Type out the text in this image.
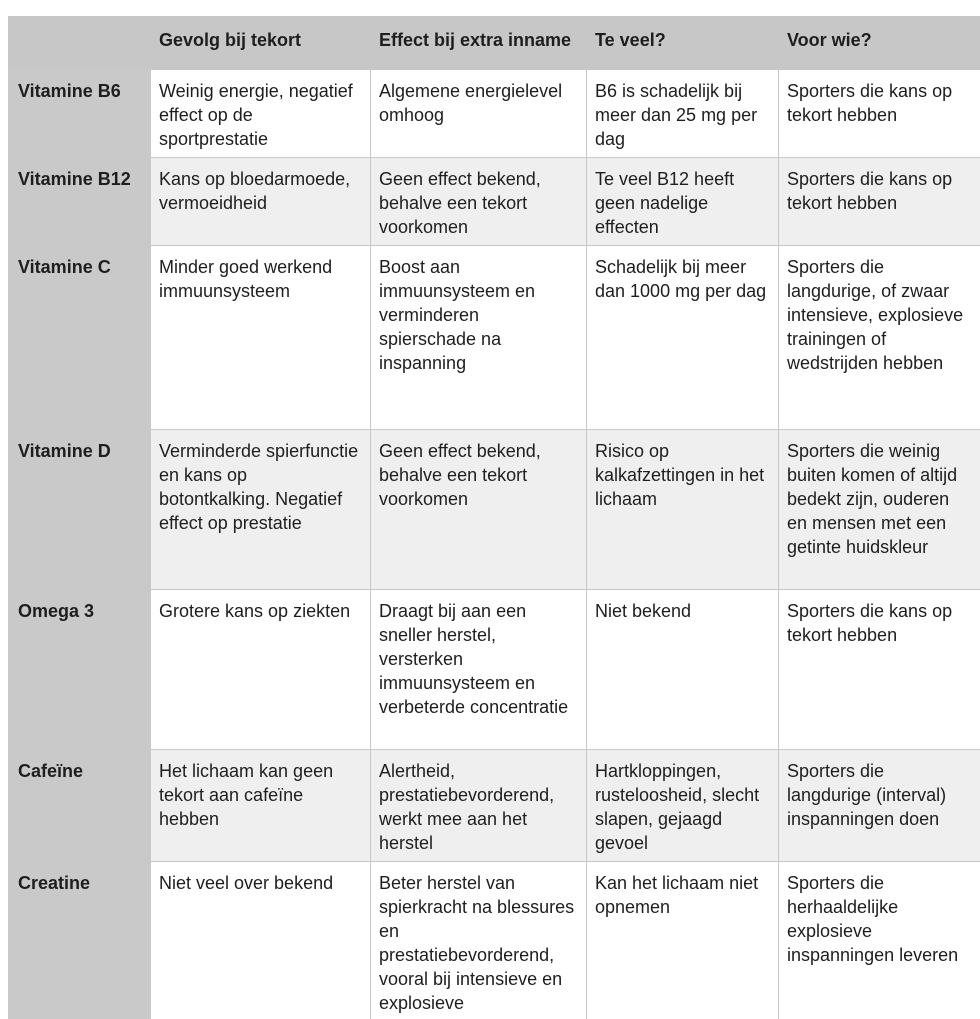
	Gevolg bij tekort	Effect bij extra inname	Te veel?	Voor wie?
Vitamine B6	Weinig energie, negatief effect op de sportprestatie	Algemene energielevel omhoog	B6 is schadelijk bij meer dan 25 mg per dag	Sporters die kans op tekort hebben
Vitamine B12	Kans op bloedarmoede, vermoeidheid	Geen effect bekend, behalve een tekort voorkomen	Te veel B12 heeft geen nadelige effecten	Sporters die kans op tekort hebben
Vitamine C	Minder goed werkend immuunsysteem	Boost aan immuunsysteem en verminderen spierschade na inspanning	Schadelijk bij meer dan 1000 mg per dag	Sporters die langdurige, of zwaar intensieve, explosieve trainingen of wedstrijden hebben
Vitamine D	Verminderde spierfunctie en kans op botontkalking. Negatief effect op prestatie	Geen effect bekend, behalve een tekort voorkomen	Risico op kalkafzettingen in het lichaam	Sporters die weinig buiten komen of altijd bedekt zijn, ouderen en mensen met een getinte huidskleur
Omega 3	Grotere kans op ziekten	Draagt bij aan een sneller herstel, versterken immuunsysteem en verbeterde concentratie	Niet bekend	Sporters die kans op tekort hebben
Cafeïne	Het lichaam kan geen tekort aan cafeïne hebben	Alertheid, prestatiebevorderend, werkt mee aan het herstel	Hartkloppingen, rusteloosheid, slecht slapen, gejaagd gevoel	Sporters die langdurige (interval) inspanningen doen
Creatine	Niet veel over bekend	Beter herstel van spierkracht na blessures en prestatiebevorderend, vooral bij intensieve en explosieve	Kan het lichaam niet opnemen	Sporters die herhaaldelijke explosieve inspanningen leveren
